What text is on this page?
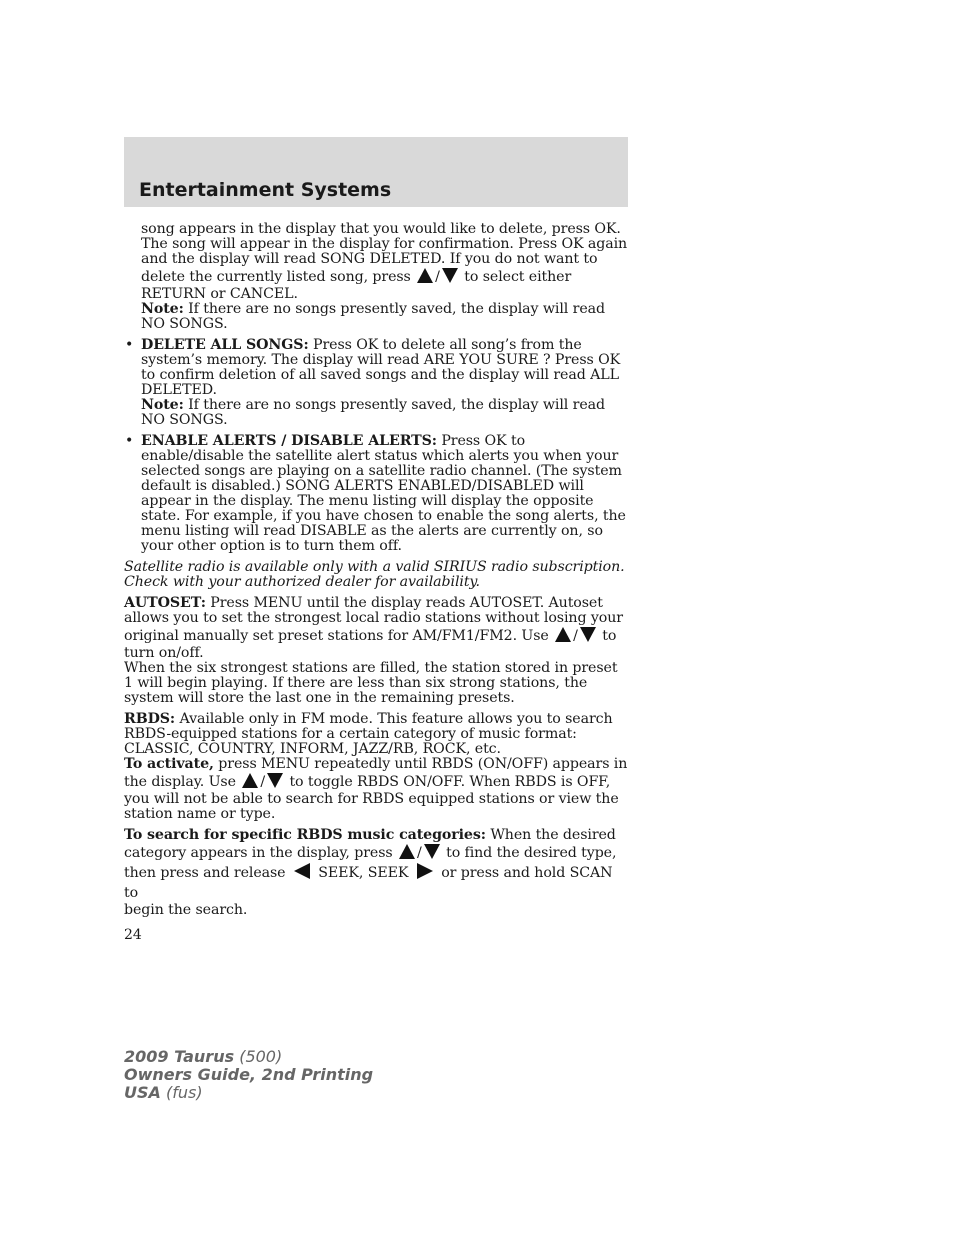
Entertainment Systems
song appears in the display that you would like to delete, press OK.
The song will appear in the display for confirmation. Press OK again
and the display will read SONG DELETED. If you do not want to
delete the currently listed song, press / to select either
RETURN or CANCEL.
Note: If there are no songs presently saved, the display will read NO SONGS.
• DELETE ALL SONGS: Press OK to delete all song’s from the system’s memory. The display will read ARE YOU SURE ? Press OK to confirm deletion of all saved songs and the display will read ALL DELETED.
Note: If there are no songs presently saved, the display will read NO SONGS.
• ENABLE ALERTS / DISABLE ALERTS: Press OK to enable/disable the satellite alert status which alerts you when your selected songs are playing on a satellite radio channel. (The system default is disabled.) SONG ALERTS ENABLED/DISABLED will appear in the display. The menu listing will display the opposite state. For example, if you have chosen to enable the song alerts, the menu listing will read DISABLE as the alerts are currently on, so your other option is to turn them off.
Satellite radio is available only with a valid SIRIUS radio subscription. Check with your authorized dealer for availability.
AUTOSET: Press MENU until the display reads AUTOSET. Autoset
allows you to set the strongest local radio stations without losing your
original manually set preset stations for AM/FM1/FM2. Use / to
turn on/off.
When the six strongest stations are filled, the station stored in preset 1 will begin playing. If there are less than six strong stations, the system will store the last one in the remaining presets.
RBDS: Available only in FM mode. This feature allows you to search RBDS-equipped stations for a certain category of music format: CLASSIC, COUNTRY, INFORM, JAZZ/RB, ROCK, etc.
To activate, press MENU repeatedly until RBDS (ON/OFF) appears in
the display. Use / to toggle RBDS ON/OFF. When RBDS is OFF,
you will not be able to search for RBDS equipped stations or view the station name or type.
To search for specific RBDS music categories: When the desired
category appears in the display, press / to find the desired type,
then press and release SEEK, SEEK or press and hold SCAN to
begin the search.
24
2009 Taurus (500)
Owners Guide, 2nd Printing
USA (fus)
